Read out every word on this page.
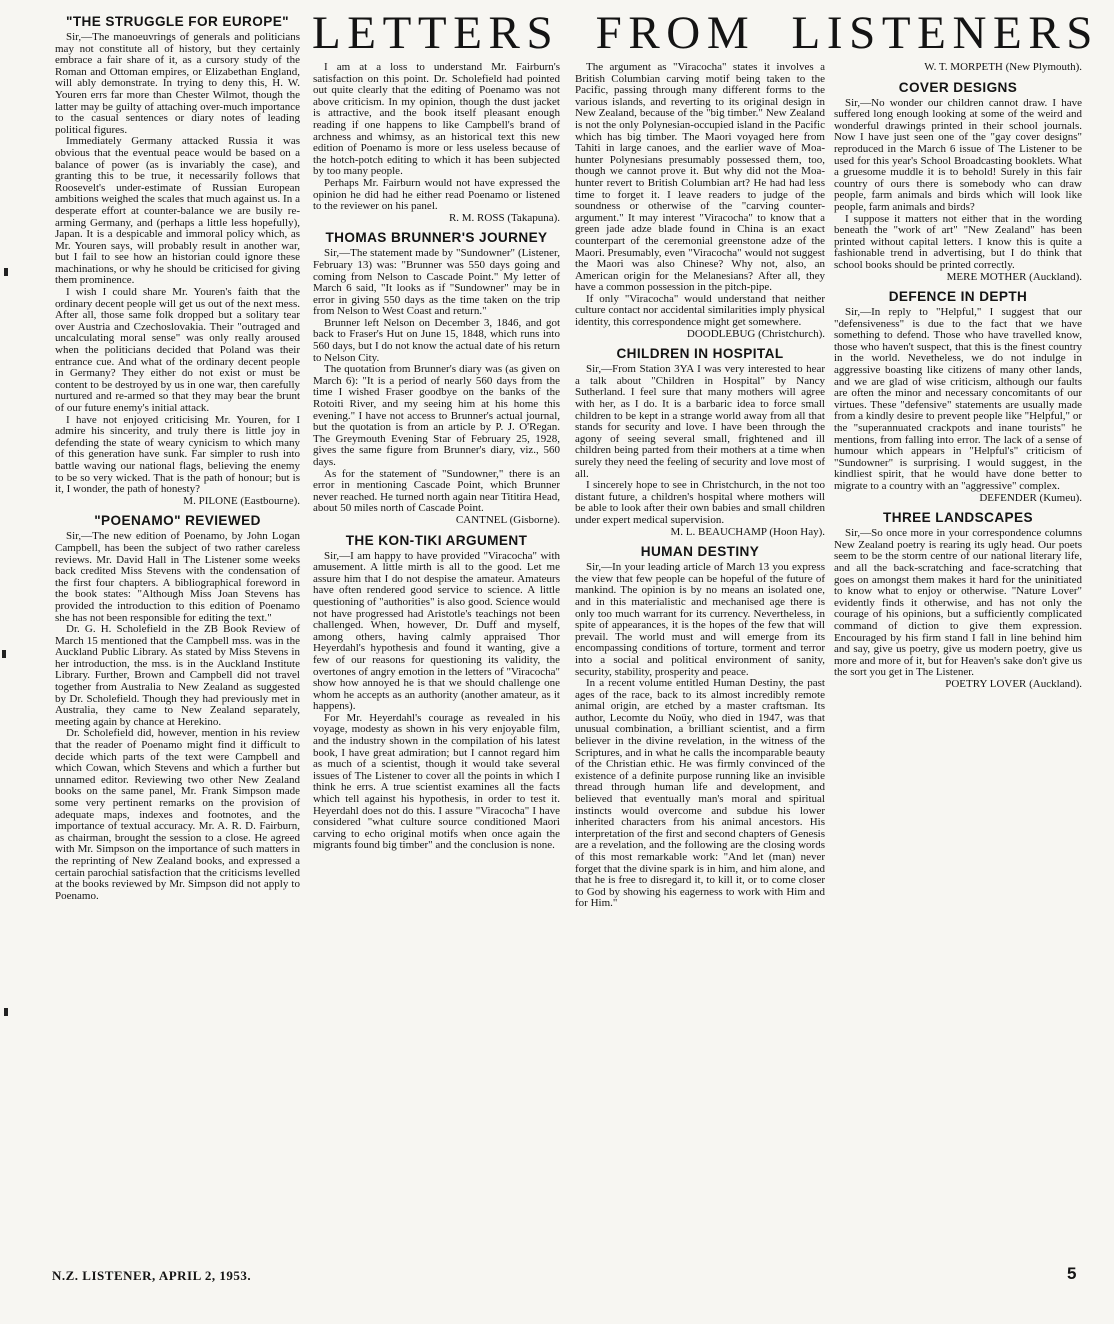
LETTERS FROM LISTENERS
"THE STRUGGLE FOR EUROPE"

Sir,—The manoeuvrings of generals and politicians may not constitute all of history, but they certainly embrace a fair share of it, as a cursory study of the Roman and Ottoman empires, or Elizabethan England, will ably demonstrate. In trying to deny this, H. W. Youren errs far more than Chester Wilmot, though the latter may be guilty of attaching over-much importance to the casual sentences or diary notes of leading political figures.

Immediately Germany attacked Russia it was obvious that the eventual peace would be based on a balance of power (as is invariably the case), and granting this to be true, it necessarily follows that Roosevelt's under-estimate of Russian European ambitions weighed the scales that much against us. In a desperate effort at counter-balance we are busily re-arming Germany, and (perhaps a little less hopefully), Japan. It is a despicable and immoral policy which, as Mr. Youren says, will probably result in another war, but I fail to see how an historian could ignore these machinations, or why he should be criticised for giving them prominence.

I wish I could share Mr. Youren's faith that the ordinary decent people will get us out of the next mess. After all, those same folk dropped but a solitary tear over Austria and Czechoslovakia. Their "outraged and uncalculating moral sense" was only really aroused when the politicians decided that Poland was their entrance cue. And what of the ordinary decent people in Germany? They either do not exist or must be content to be destroyed by us in one war, then carefully nurtured and re-armed so that they may bear the brunt of our future enemy's initial attack.

I have not enjoyed criticising Mr. Youren, for I admire his sincerity, and truly there is little joy in defending the state of weary cynicism to which many of this generation have sunk. Far simpler to rush into battle waving our national flags, believing the enemy to be so very wicked. That is the path of honour; but is it, I wonder, the path of honesty?

M. PILONE (Eastbourne).

"POENAMO" REVIEWED

Sir,—The new edition of Poenamo, by John Logan Campbell, has been the subject of two rather careless reviews. Mr. David Hall in The Listener some weeks back credited Miss Stevens with the condensation of the first four chapters. A bibliographical foreword in the book states: "Although Miss Joan Stevens has provided the introduction to this edition of Poenamo she has not been responsible for editing the text."

Dr. G. H. Scholefield in the ZB Book Review of March 15 mentioned that the Campbell mss. was in the Auckland Public Library. As stated by Miss Stevens in her introduction, the mss. is in the Auckland Institute Library. Further, Brown and Campbell did not travel together from Australia to New Zealand as suggested by Dr. Scholefield. Though they had previously met in Australia, they came to New Zealand separately, meeting again by chance at Herekino.

Dr. Scholefield did, however, mention in his review that the reader of Poenamo might find it difficult to decide which parts of the text were Campbell and which Cowan, which Stevens and which a further but unnamed editor. Reviewing two other New Zealand books on the same panel, Mr. Frank Simpson made some very pertinent remarks on the provision of adequate maps, indexes and footnotes, and the importance of textual accuracy. Mr. A. R. D. Fairburn, as chairman, brought the session to a close. He agreed with Mr. Simpson on the importance of such matters in the reprinting of New Zealand books, and expressed a certain parochial satisfaction that the criticisms levelled at the books reviewed by Mr. Simpson did not apply to Poenamo.

I am at a loss to understand Mr. Fairburn's satisfaction on this point. Dr. Scholefield had pointed out quite clearly that the editing of Poenamo was not above criticism. In my opinion, though the dust jacket is attractive, and the book itself pleasant enough reading if one happens to like Campbell's brand of archness and whimsy, as an historical text this new edition of Poenamo is more or less useless because of the hotch-potch editing to which it has been subjected by too many people.

Perhaps Mr. Fairburn would not have expressed the opinion he did had he either read Poenamo or listened to the reviewer on his panel.

R. M. ROSS (Takapuna).

THOMAS BRUNNER'S JOURNEY

Sir,—The statement made by "Sundowner" (Listener, February 13) was: "Brunner was 550 days going and coming from Nelson to Cascade Point." My letter of March 6 said, "It looks as if "Sundowner" may be in error in giving 550 days as the time taken on the trip from Nelson to West Coast and return."

Brunner left Nelson on December 3, 1846, and got back to Fraser's Hut on June 15, 1848, which runs into 560 days, but I do not know the actual date of his return to Nelson City.

The quotation from Brunner's diary was (as given on March 6): "It is a period of nearly 560 days from the time I wished Fraser goodbye on the banks of the Rotoiti River, and my seeing him at his home this evening." I have not access to Brunner's actual journal, but the quotation is from an article by P. J. O'Regan. The Greymouth Evening Star of February 25, 1928, gives the same figure from Brunner's diary, viz., 560 days.

As for the statement of "Sundowner," there is an error in mentioning Cascade Point, which Brunner never reached. He turned north again near Tititira Head, about 50 miles north of Cascade Point.

CANTNEL (Gisborne).

THE KON-TIKI ARGUMENT

Sir,—I am happy to have provided "Viracocha" with amusement. A little mirth is all to the good. Let me assure him that I do not despise the amateur. Amateurs have often rendered good service to science. A little questioning of "authorities" is also good. Science would not have progressed had Aristotle's teachings not been challenged. When, however, Dr. Duff and myself, among others, having calmly appraised Thor Heyerdahl's hypothesis and found it wanting, give a few of our reasons for questioning its validity, the overtones of angry emotion in the letters of "Viracocha" show how annoyed he is that we should challenge one whom he accepts as an authority (another amateur, as it happens).

For Mr. Heyerdahl's courage as revealed in his voyage, modesty as shown in his very enjoyable film, and the industry shown in the compilation of his latest book, I have great admiration; but I cannot regard him as much of a scientist, though it would take several issues of The Listener to cover all the points in which I think he errs. A true scientist examines all the facts which tell against his hypothesis, in order to test it. Heyerdahl does not do this. I assure "Viracocha" I have considered "what culture source conditioned Maori carving to echo original motifs when once again the migrants found big timber" and the conclusion is none.

The argument as "Viracocha" states it involves a British Columbian carving motif being taken to the Pacific, passing through many different forms to the various islands, and reverting to its original design in New Zealand, because of the "big timber." New Zealand is not the only Polynesian-occupied island in the Pacific which has big timber. The Maori voyaged here from Tahiti in large canoes, and the earlier wave of Moa-hunter Polynesians presumably possessed them, too, though we cannot prove it. But why did not the Moa-hunter revert to British Columbian art? He had had less time to forget it. I leave readers to judge of the soundness or otherwise of the "carving counter-argument." It may interest "Viracocha" to know that a green jade adze blade found in China is an exact counterpart of the ceremonial greenstone adze of the Maori. Presumably, even "Viracocha" would not suggest the Maori was also Chinese? Why not, also, an American origin for the Melanesians? After all, they have a common possession in the pitch-pipe.

If only "Viracocha" would understand that neither culture contact nor accidental similarities imply physical identity, this correspondence might get somewhere.

DOODLEBUG (Christchurch).

CHILDREN IN HOSPITAL

Sir,—From Station 3YA I was very interested to hear a talk about "Children in Hospital" by Nancy Sutherland. I feel sure that many mothers will agree with her, as I do. It is a barbaric idea to force small children to be kept in a strange world away from all that stands for security and love. I have been through the agony of seeing several small, frightened and ill children being parted from their mothers at a time when surely they need the feeling of security and love most of all.

I sincerely hope to see in Christchurch, in the not too distant future, a children's hospital where mothers will be able to look after their own babies and small children under expert medical supervision.

M. L. BEAUCHAMP (Hoon Hay).

HUMAN DESTINY

Sir,—In your leading article of March 13 you express the view that few people can be hopeful of the future of mankind. The opinion is by no means an isolated one, and in this materialistic and mechanised age there is only too much warrant for its currency. Nevertheless, in spite of appearances, it is the hopes of the few that will prevail. The world must and will emerge from its encompassing conditions of torture, torment and terror into a social and political environment of sanity, security, stability, prosperity and peace.

In a recent volume entitled Human Destiny, the past ages of the race, back to its almost incredibly remote animal origin, are etched by a master craftsman. Its author, Lecomte du Noüy, who died in 1947, was that unusual combination, a brilliant scientist, and a firm believer in the divine revelation, in the witness of the Scriptures, and in what he calls the incomparable beauty of the Christian ethic. He was firmly convinced of the existence of a definite purpose running like an invisible thread through human life and development, and believed that eventually man's moral and spiritual instincts would overcome and subdue his lower inherited characters from his animal ancestors. His interpretation of the first and second chapters of Genesis are a revelation, and the following are the closing words of this most remarkable work: "And let (man) never forget that the divine spark is in him, and him alone, and that he is free to disregard it, to kill it, or to come closer to God by showing his eagerness to work with Him and for Him."

W. T. MORPETH (New Plymouth).

COVER DESIGNS

Sir,—No wonder our children cannot draw. I have suffered long enough looking at some of the weird and wonderful drawings printed in their school journals. Now I have just seen one of the "gay cover designs" reproduced in the March 6 issue of The Listener to be used for this year's School Broadcasting booklets. What a gruesome muddle it is to behold! Surely in this fair country of ours there is somebody who can draw people, farm animals and birds which will look like people, farm animals and birds?

I suppose it matters not either that in the wording beneath the "work of art" "New Zealand" has been printed without capital letters. I know this is quite a fashionable trend in advertising, but I do think that school books should be printed correctly.

MERE MOTHER (Auckland).

DEFENCE IN DEPTH

Sir,—In reply to "Helpful," I suggest that our "defensiveness" is due to the fact that we have something to defend. Those who have travelled know, those who haven't suspect, that this is the finest country in the world. Nevetheless, we do not indulge in aggressive boasting like citizens of many other lands, and we are glad of wise criticism, although our faults are often the minor and necessary concomitants of our virtues. These "defensive" statements are usually made from a kindly desire to prevent people like "Helpful," or the "superannuated crackpots and inane tourists" he mentions, from falling into error. The lack of a sense of humour which appears in "Helpful's" criticism of "Sundowner" is surprising. I would suggest, in the kindliest spirit, that he would have done better to migrate to a country with an "aggressive" complex.

DEFENDER (Kumeu).

THREE LANDSCAPES

Sir,—So once more in your correspondence columns New Zealand poetry is rearing its ugly head. Our poets seem to be the storm centre of our national literary life, and all the back-scratching and face-scratching that goes on amongst them makes it hard for the uninitiated to know what to enjoy or otherwise. "Nature Lover" evidently finds it otherwise, and has not only the courage of his opinions, but a sufficiently complicated command of diction to give them expression. Encouraged by his firm stand I fall in line behind him and say, give us poetry, give us modern poetry, give us more and more of it, but for Heaven's sake don't give us the sort you get in The Listener.

POETRY LOVER (Auckland).

N.Z. LISTENER, APRIL 2, 1953.	5
